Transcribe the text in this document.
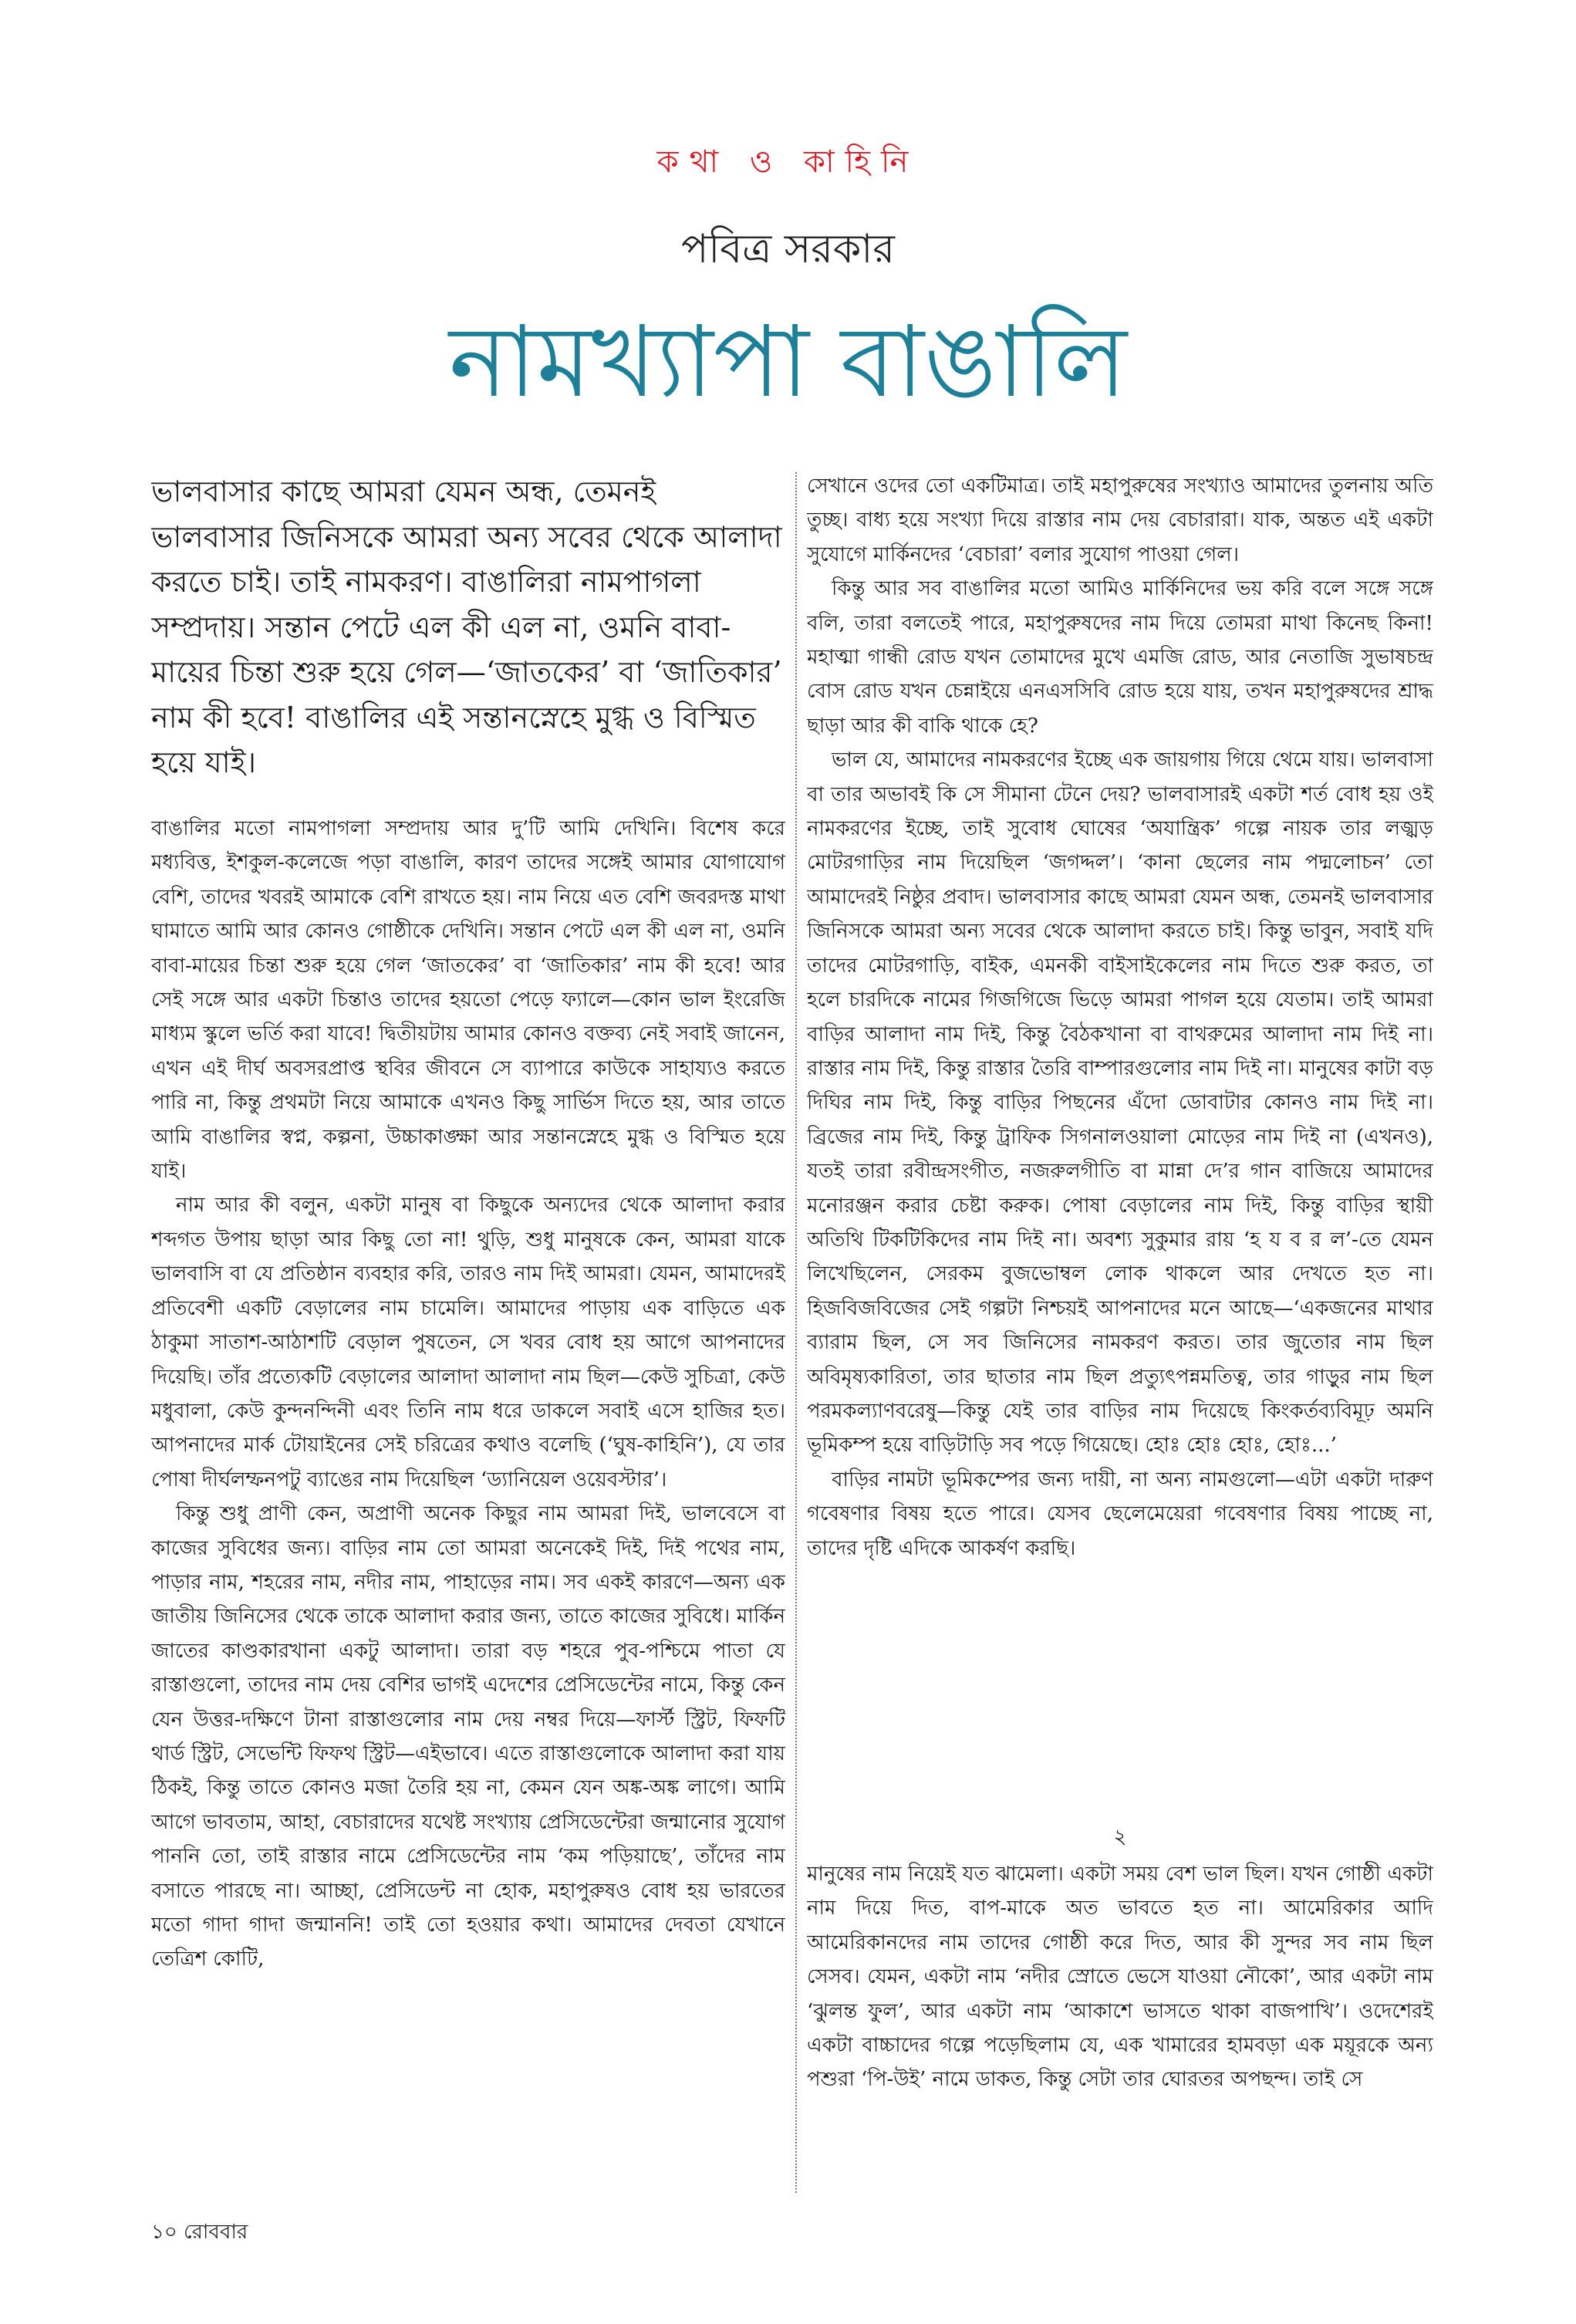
কথা ও কাহিনি

পবিত্র সরকার

নামখ্যাপা বাঙালি

ভালবাসার কাছে আমরা যেমন অন্ধ, তেমনই ভালবাসার জিনিসকে আমরা অন্য সবের থেকে আলাদা করতে চাই। তাই নামকরণ। বাঙালিরা নামপাগলা সম্প্রদায়। সন্তান পেটে এল কী এল না, ওমনি বাবা-মায়ের চিন্তা শুরু হয়ে গেল—‘জাতকের’ বা ‘জাতিকার’ নাম কী হবে! বাঙালির এই সন্তানস্নেহে মুগ্ধ ও বিস্মিত হয়ে যাই।

বাঙালির মতো নামপাগলা সম্প্রদায় আর দু’টি আমি দেখিনি। বিশেষ করে মধ্যবিত্ত, ইশকুল-কলেজে পড়া বাঙালি, কারণ তাদের সঙ্গেই আমার যোগাযোগ বেশি, তাদের খবরই আমাকে বেশি রাখতে হয়। নাম নিয়ে এত বেশি জবরদস্ত মাথা ঘামাতে আমি আর কোনও গোষ্ঠীকে দেখিনি। সন্তান পেটে এল কী এল না, ওমনি বাবা-মায়ের চিন্তা শুরু হয়ে গেল ‘জাতকের’ বা ‘জাতিকার’ নাম কী হবে! আর সেই সঙ্গে আর একটা চিন্তাও তাদের হয়তো পেড়ে ফ্যালে—কোন ভাল ইংরেজি মাধ্যম স্কুলে ভর্তি করা যাবে! দ্বিতীয়টায় আমার কোনও বক্তব্য নেই সবাই জানেন, এখন এই দীর্ঘ অবসরপ্রাপ্ত স্থবির জীবনে সে ব্যাপারে কাউকে সাহায্যও করতে পারি না, কিন্তু প্রথমটা নিয়ে আমাকে এখনও কিছু সার্ভিস দিতে হয়, আর তাতে আমি বাঙালির স্বপ্ন, কল্পনা, উচ্চাকাঙ্ক্ষা আর সন্তানস্নেহে মুগ্ধ ও বিস্মিত হয়ে যাই।

নাম আর কী বলুন, একটা মানুষ বা কিছুকে অন্যদের থেকে আলাদা করার শব্দগত উপায় ছাড়া আর কিছু তো না! থুড়ি, শুধু মানুষকে কেন, আমরা যাকে ভালবাসি বা যে প্রতিষ্ঠান ব্যবহার করি, তারও নাম দিই আমরা। যেমন, আমাদেরই প্রতিবেশী একটি বেড়ালের নাম চামেলি। আমাদের পাড়ায় এক বাড়িতে এক ঠাকুমা সাতাশ-আঠাশটি বেড়াল পুষতেন, সে খবর বোধ হয় আগে আপনাদের দিয়েছি। তাঁর প্রত্যেকটি বেড়ালের আলাদা আলাদা নাম ছিল—কেউ সুচিত্রা, কেউ মধুবালা, কেউ কুন্দনন্দিনী এবং তিনি নাম ধরে ডাকলে সবাই এসে হাজির হত। আপনাদের মার্ক টোয়াইনের সেই চরিত্রের কথাও বলেছি (‘ঘুষ-কাহিনি’), যে তার পোষা দীর্ঘলম্ফনপটু ব্যাঙের নাম দিয়েছিল ‘ড্যানিয়েল ওয়েবস্টার’।

কিন্তু শুধু প্রাণী কেন, অপ্রাণী অনেক কিছুর নাম আমরা দিই, ভালবেসে বা কাজের সুবিধের জন্য। বাড়ির নাম তো আমরা অনেকেই দিই, দিই পথের নাম, পাড়ার নাম, শহরের নাম, নদীর নাম, পাহাড়ের নাম। সব একই কারণে—অন্য এক জাতীয় জিনিসের থেকে তাকে আলাদা করার জন্য, তাতে কাজের সুবিধে। মার্কিন জাতের কাণ্ডকারখানা একটু আলাদা। তারা বড় শহরে পুব-পশ্চিমে পাতা যে রাস্তাগুলো, তাদের নাম দেয় বেশির ভাগই এদেশের প্রেসিডেন্টের নামে, কিন্তু কেন যেন উত্তর-দক্ষিণে টানা রাস্তাগুলোর নাম দেয় নম্বর দিয়ে—ফার্স্ট স্ট্রিট, ফিফটি থার্ড স্ট্রিট, সেভেন্টি ফিফথ স্ট্রিট—এইভাবে। এতে রাস্তাগুলোকে আলাদা করা যায় ঠিকই, কিন্তু তাতে কোনও মজা তৈরি হয় না, কেমন যেন অঙ্ক-অঙ্ক লাগে। আমি আগে ভাবতাম, আহা, বেচারাদের যথেষ্ট সংখ্যায় প্রেসিডেন্টেরা জন্মানোর সুযোগ পাননি তো, তাই রাস্তার নামে প্রেসিডেন্টের নাম ‘কম পড়িয়াছে’, তাঁদের নাম বসাতে পারছে না। আচ্ছা, প্রেসিডেন্ট না হোক, মহাপুরুষও বোধ হয় ভারতের মতো গাদা গাদা জন্মাননি! তাই তো হওয়ার কথা। আমাদের দেবতা যেখানে তেত্রিশ কোটি,

সেখানে ওদের তো একটিমাত্র। তাই মহাপুরুষের সংখ্যাও আমাদের তুলনায় অতি তুচ্ছ। বাধ্য হয়ে সংখ্যা দিয়ে রাস্তার নাম দেয় বেচারারা। যাক, অন্তত এই একটা সুযোগে মার্কিনদের ‘বেচারা’ বলার সুযোগ পাওয়া গেল।

কিন্তু আর সব বাঙালির মতো আমিও মার্কিনিদের ভয় করি বলে সঙ্গে সঙ্গে বলি, তারা বলতেই পারে, মহাপুরুষদের নাম দিয়ে তোমরা মাথা কিনেছ কিনা! মহাত্মা গান্ধী রোড যখন তোমাদের মুখে এমজি রোড, আর নেতাজি সুভাষচন্দ্র বোস রোড যখন চেন্নাইয়ে এনএসসিবি রোড হয়ে যায়, তখন মহাপুরুষদের শ্রাদ্ধ ছাড়া আর কী বাকি থাকে হে?

ভাল যে, আমাদের নামকরণের ইচ্ছে এক জায়গায় গিয়ে থেমে যায়। ভালবাসা বা তার অভাবই কি সে সীমানা টেনে দেয়? ভালবাসারই একটা শর্ত বোধ হয় ওই নামকরণের ইচ্ছে, তাই সুবোধ ঘোষের ‘অযান্ত্রিক’ গল্পে নায়ক তার লজ্ঝড় মোটরগাড়ির নাম দিয়েছিল ‘জগদ্দল’। ‘কানা ছেলের নাম পদ্মলোচন’ তো আমাদেরই নিষ্ঠুর প্রবাদ। ভালবাসার কাছে আমরা যেমন অন্ধ, তেমনই ভালবাসার জিনিসকে আমরা অন্য সবের থেকে আলাদা করতে চাই। কিন্তু ভাবুন, সবাই যদি তাদের মোটরগাড়ি, বাইক, এমনকী বাইসাইকেলের নাম দিতে শুরু করত, তা হলে চারদিকে নামের গিজগিজে ভিড়ে আমরা পাগল হয়ে যেতাম। তাই আমরা বাড়ির আলাদা নাম দিই, কিন্তু বৈঠকখানা বা বাথরুমের আলাদা নাম দিই না। রাস্তার নাম দিই, কিন্তু রাস্তার তৈরি বাম্পারগুলোর নাম দিই না। মানুষের কাটা বড় দিঘির নাম দিই, কিন্তু বাড়ির পিছনের এঁদো ডোবাটার কোনও নাম দিই না। ব্রিজের নাম দিই, কিন্তু ট্রাফিক সিগনালওয়ালা মোড়ের নাম দিই না (এখনও), যতই তারা রবীন্দ্রসংগীত, নজরুলগীতি বা মান্না দে’র গান বাজিয়ে আমাদের মনোরঞ্জন করার চেষ্টা করুক। পোষা বেড়ালের নাম দিই, কিন্তু বাড়ির স্থায়ী অতিথি টিকটিকিদের নাম দিই না। অবশ্য সুকুমার রায় ‘হ য ব র ল’-তে যেমন লিখেছিলেন, সেরকম বুজভোম্বল লোক থাকলে আর দেখতে হত না। হিজবিজবিজের সেই গল্পটা নিশ্চয়ই আপনাদের মনে আছে—‘একজনের মাথার ব্যারাম ছিল, সে সব জিনিসের নামকরণ করত। তার জুতোর নাম ছিল অবিমৃষ্যকারিতা, তার ছাতার নাম ছিল প্রত্যুৎপন্নমতিত্ব, তার গাড়ুর নাম ছিল পরমকল্যাণবরেষু—কিন্তু যেই তার বাড়ির নাম দিয়েছে কিংকর্তব্যবিমূঢ় অমনি ভূমিকম্প হয়ে বাড়িটাড়ি সব পড়ে গিয়েছে। হোঃ হোঃ হোঃ, হোঃ...’

বাড়ির নামটা ভূমিকম্পের জন্য দায়ী, না অন্য নামগুলো—এটা একটা দারুণ গবেষণার বিষয় হতে পারে। যেসব ছেলেমেয়েরা গবেষণার বিষয় পাচ্ছে না, তাদের দৃষ্টি এদিকে আকর্ষণ করছি।

২

মানুষের নাম নিয়েই যত ঝামেলা। একটা সময় বেশ ভাল ছিল। যখন গোষ্ঠী একটা নাম দিয়ে দিত, বাপ-মাকে অত ভাবতে হত না। আমেরিকার আদি আমেরিকানদের নাম তাদের গোষ্ঠী করে দিত, আর কী সুন্দর সব নাম ছিল সেসব। যেমন, একটা নাম ‘নদীর স্রোতে ভেসে যাওয়া নৌকো’, আর একটা নাম ‘ঝুলন্ত ফুল’, আর একটা নাম ‘আকাশে ভাসতে থাকা বাজপাখি’। ওদেশেরই একটা বাচ্চাদের গল্পে পড়েছিলাম যে, এক খামারের হামবড়া এক ময়ূরকে অন্য পশুরা ‘পি-উই’ নামে ডাকত, কিন্তু সেটা তার ঘোরতর অপছন্দ। তাই সে

১০ রোববার
